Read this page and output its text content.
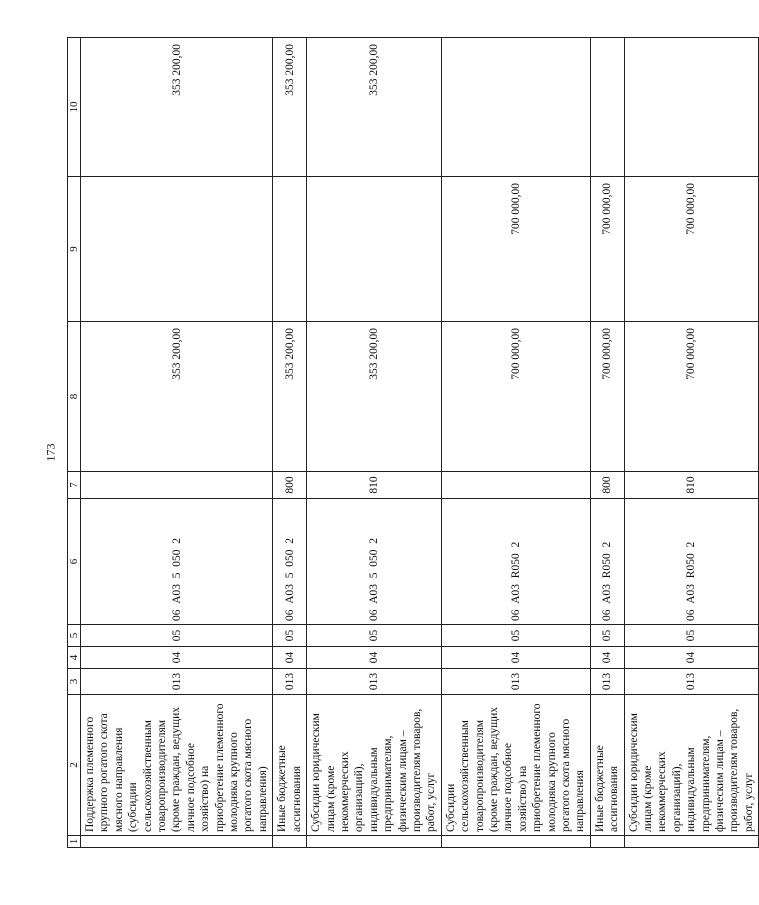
173
1	2	3	4	5	6	7	8	9	10
	Поддержка племенного крупного рогатого скота мясного направления (субсидии сельскохозяйственным товаропроизводителям (кроме граждан, ведущих личное подсобное хозяйство) на приобретение племенного молодняка крупного рогатого скота мясного направления)	013	04	05	06  А03  5  050  2		353 200,00		353 200,00
	Иные бюджетные ассигнования	013	04	05	06  А03  5  050  2	800	353 200,00		353 200,00
	Субсидии юридическим лицам (кроме некоммерческих организаций), индивидуальным предпринимателям, физическим лицам – производителям товаров, работ, услуг	013	04	05	06  А03  5  050  2	810	353 200,00		353 200,00
	Субсидии сельскохозяйственным товаропроизводителям (кроме граждан, ведущих личное подсобное хозяйство) на приобретение племенного молодняка крупного рогатого скота мясного направления	013	04	05	06  А03  R050  2		700 000,00	700 000,00	
	Иные бюджетные ассигнования	013	04	05	06  А03  R050  2	800	700 000,00	700 000,00	
	Субсидии юридическим лицам (кроме некоммерческих организаций), индивидуальным предпринимателям, физическим лицам – производителям товаров, работ, услуг	013	04	05	06  А03  R050  2	810	700 000,00	700 000,00	
